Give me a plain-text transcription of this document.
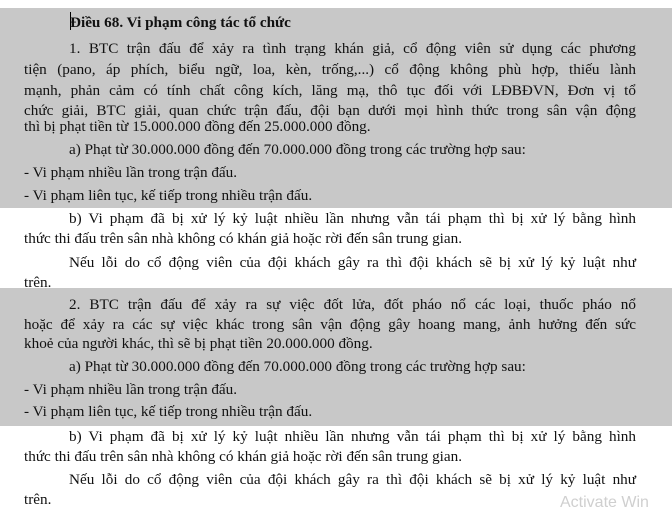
Điều 68. Vi phạm công tác tổ chức
1. BTC trận đấu để xảy ra tình trạng khán giả, cổ động viên sử dụng các phương
tiện (pano, áp phích, biểu ngữ, loa, kèn, trống,...) cổ động không phù hợp, thiếu lành
mạnh, phản cảm có tính chất công kích, lăng mạ, thô tục đối với LĐBĐVN, Đơn vị tổ
chức giải, BTC giải, quan chức trận đấu, đội bạn dưới mọi hình thức trong sân vận động
thì bị phạt tiền từ 15.000.000 đồng đến 25.000.000 đồng.
a) Phạt từ 30.000.000 đồng đến 70.000.000 đồng trong các trường hợp sau:
- Vi phạm nhiều lần trong trận đấu.
- Vi phạm liên tục, kế tiếp trong nhiều trận đấu.
b) Vi phạm đã bị xử lý kỷ luật nhiều lần nhưng vẫn tái phạm thì bị xử lý bằng hình
thức thi đấu trên sân nhà không có khán giả hoặc rời đến sân trung gian.
Nếu lỗi do cổ động viên của đội khách gây ra thì đội khách sẽ bị xử lý kỷ luật như
trên.
2. BTC trận đấu để xảy ra sự việc đốt lửa, đốt pháo nổ các loại, thuốc pháo nổ
hoặc để xảy ra các sự việc khác trong sân vận động gây hoang mang, ảnh hưởng đến sức
khoẻ của người khác, thì sẽ bị phạt tiền 20.000.000 đồng.
a) Phạt từ 30.000.000 đồng đến 70.000.000 đồng trong các trường hợp sau:
- Vi phạm nhiều lần trong trận đấu.
- Vi phạm liên tục, kế tiếp trong nhiều trận đấu.
b) Vi phạm đã bị xử lý kỷ luật nhiều lần nhưng vẫn tái phạm thì bị xử lý bằng hình
thức thi đấu trên sân nhà không có khán giả hoặc rời đến sân trung gian.
Nếu lỗi do cổ động viên của đội khách gây ra thì đội khách sẽ bị xử lý kỷ luật như
trên.	Activate Win
